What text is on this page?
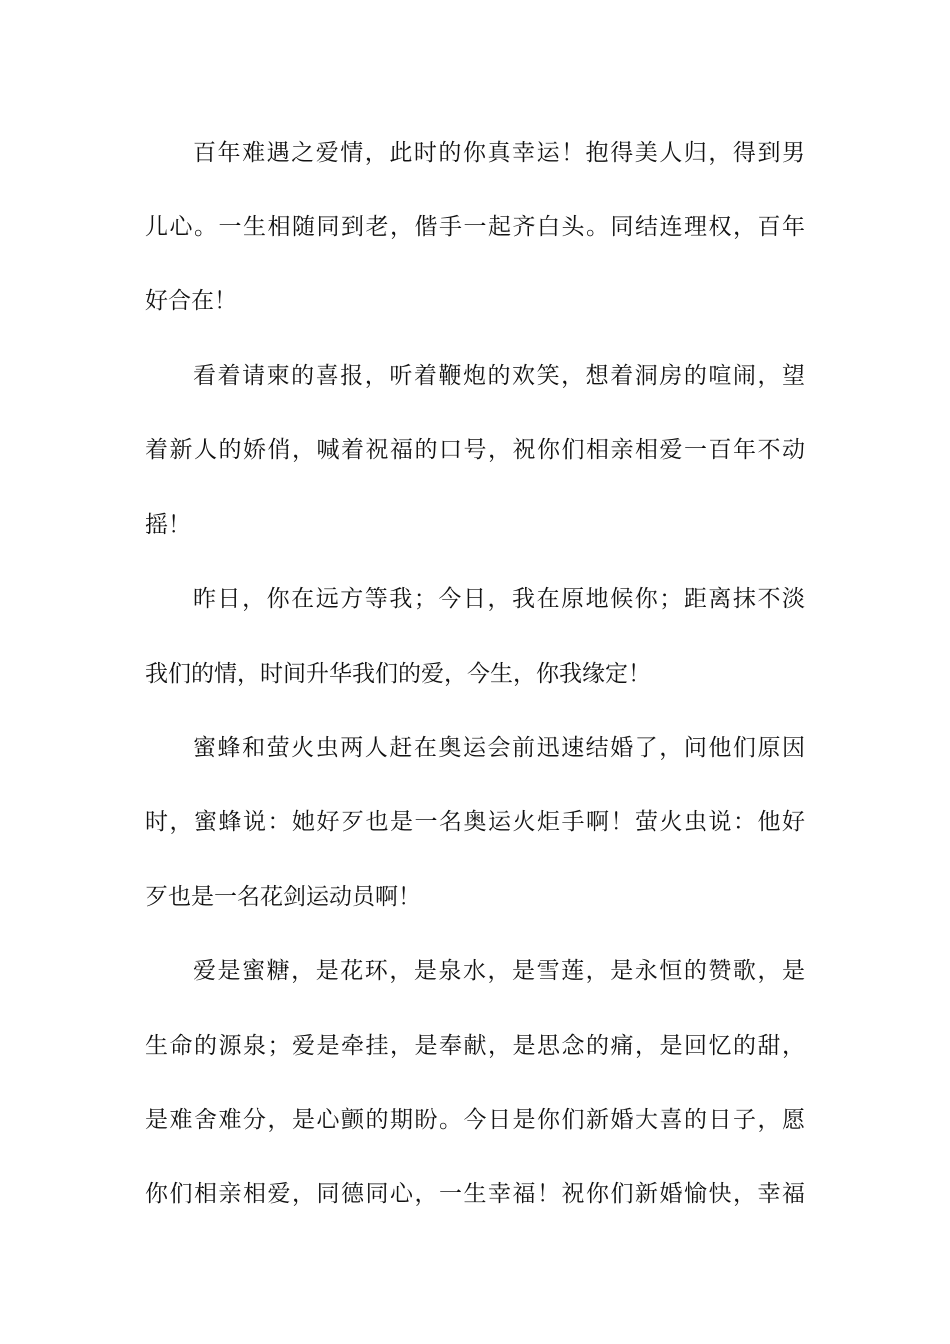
百年难遇之爱情，此时的你真幸运！抱得美人归，得到男
儿心。一生相随同到老，偕手一起齐白头。同结连理权，百年
好合在！
看着请柬的喜报，听着鞭炮的欢笑，想着洞房的喧闹，望
着新人的娇俏，喊着祝福的口号，祝你们相亲相爱一百年不动
摇！
昨日，你在远方等我；今日，我在原地候你；距离抹不淡
我们的情，时间升华我们的爱，今生，你我缘定！
蜜蜂和萤火虫两人赶在奥运会前迅速结婚了，问他们原因
时，蜜蜂说：她好歹也是一名奥运火炬手啊！萤火虫说：他好
歹也是一名花剑运动员啊！
爱是蜜糖，是花环，是泉水，是雪莲，是永恒的赞歌，是
生命的源泉；爱是牵挂，是奉献，是思念的痛，是回忆的甜，
是难舍难分，是心颤的期盼。今日是你们新婚大喜的日子，愿
你们相亲相爱，同德同心，一生幸福！祝你们新婚愉快，幸福
